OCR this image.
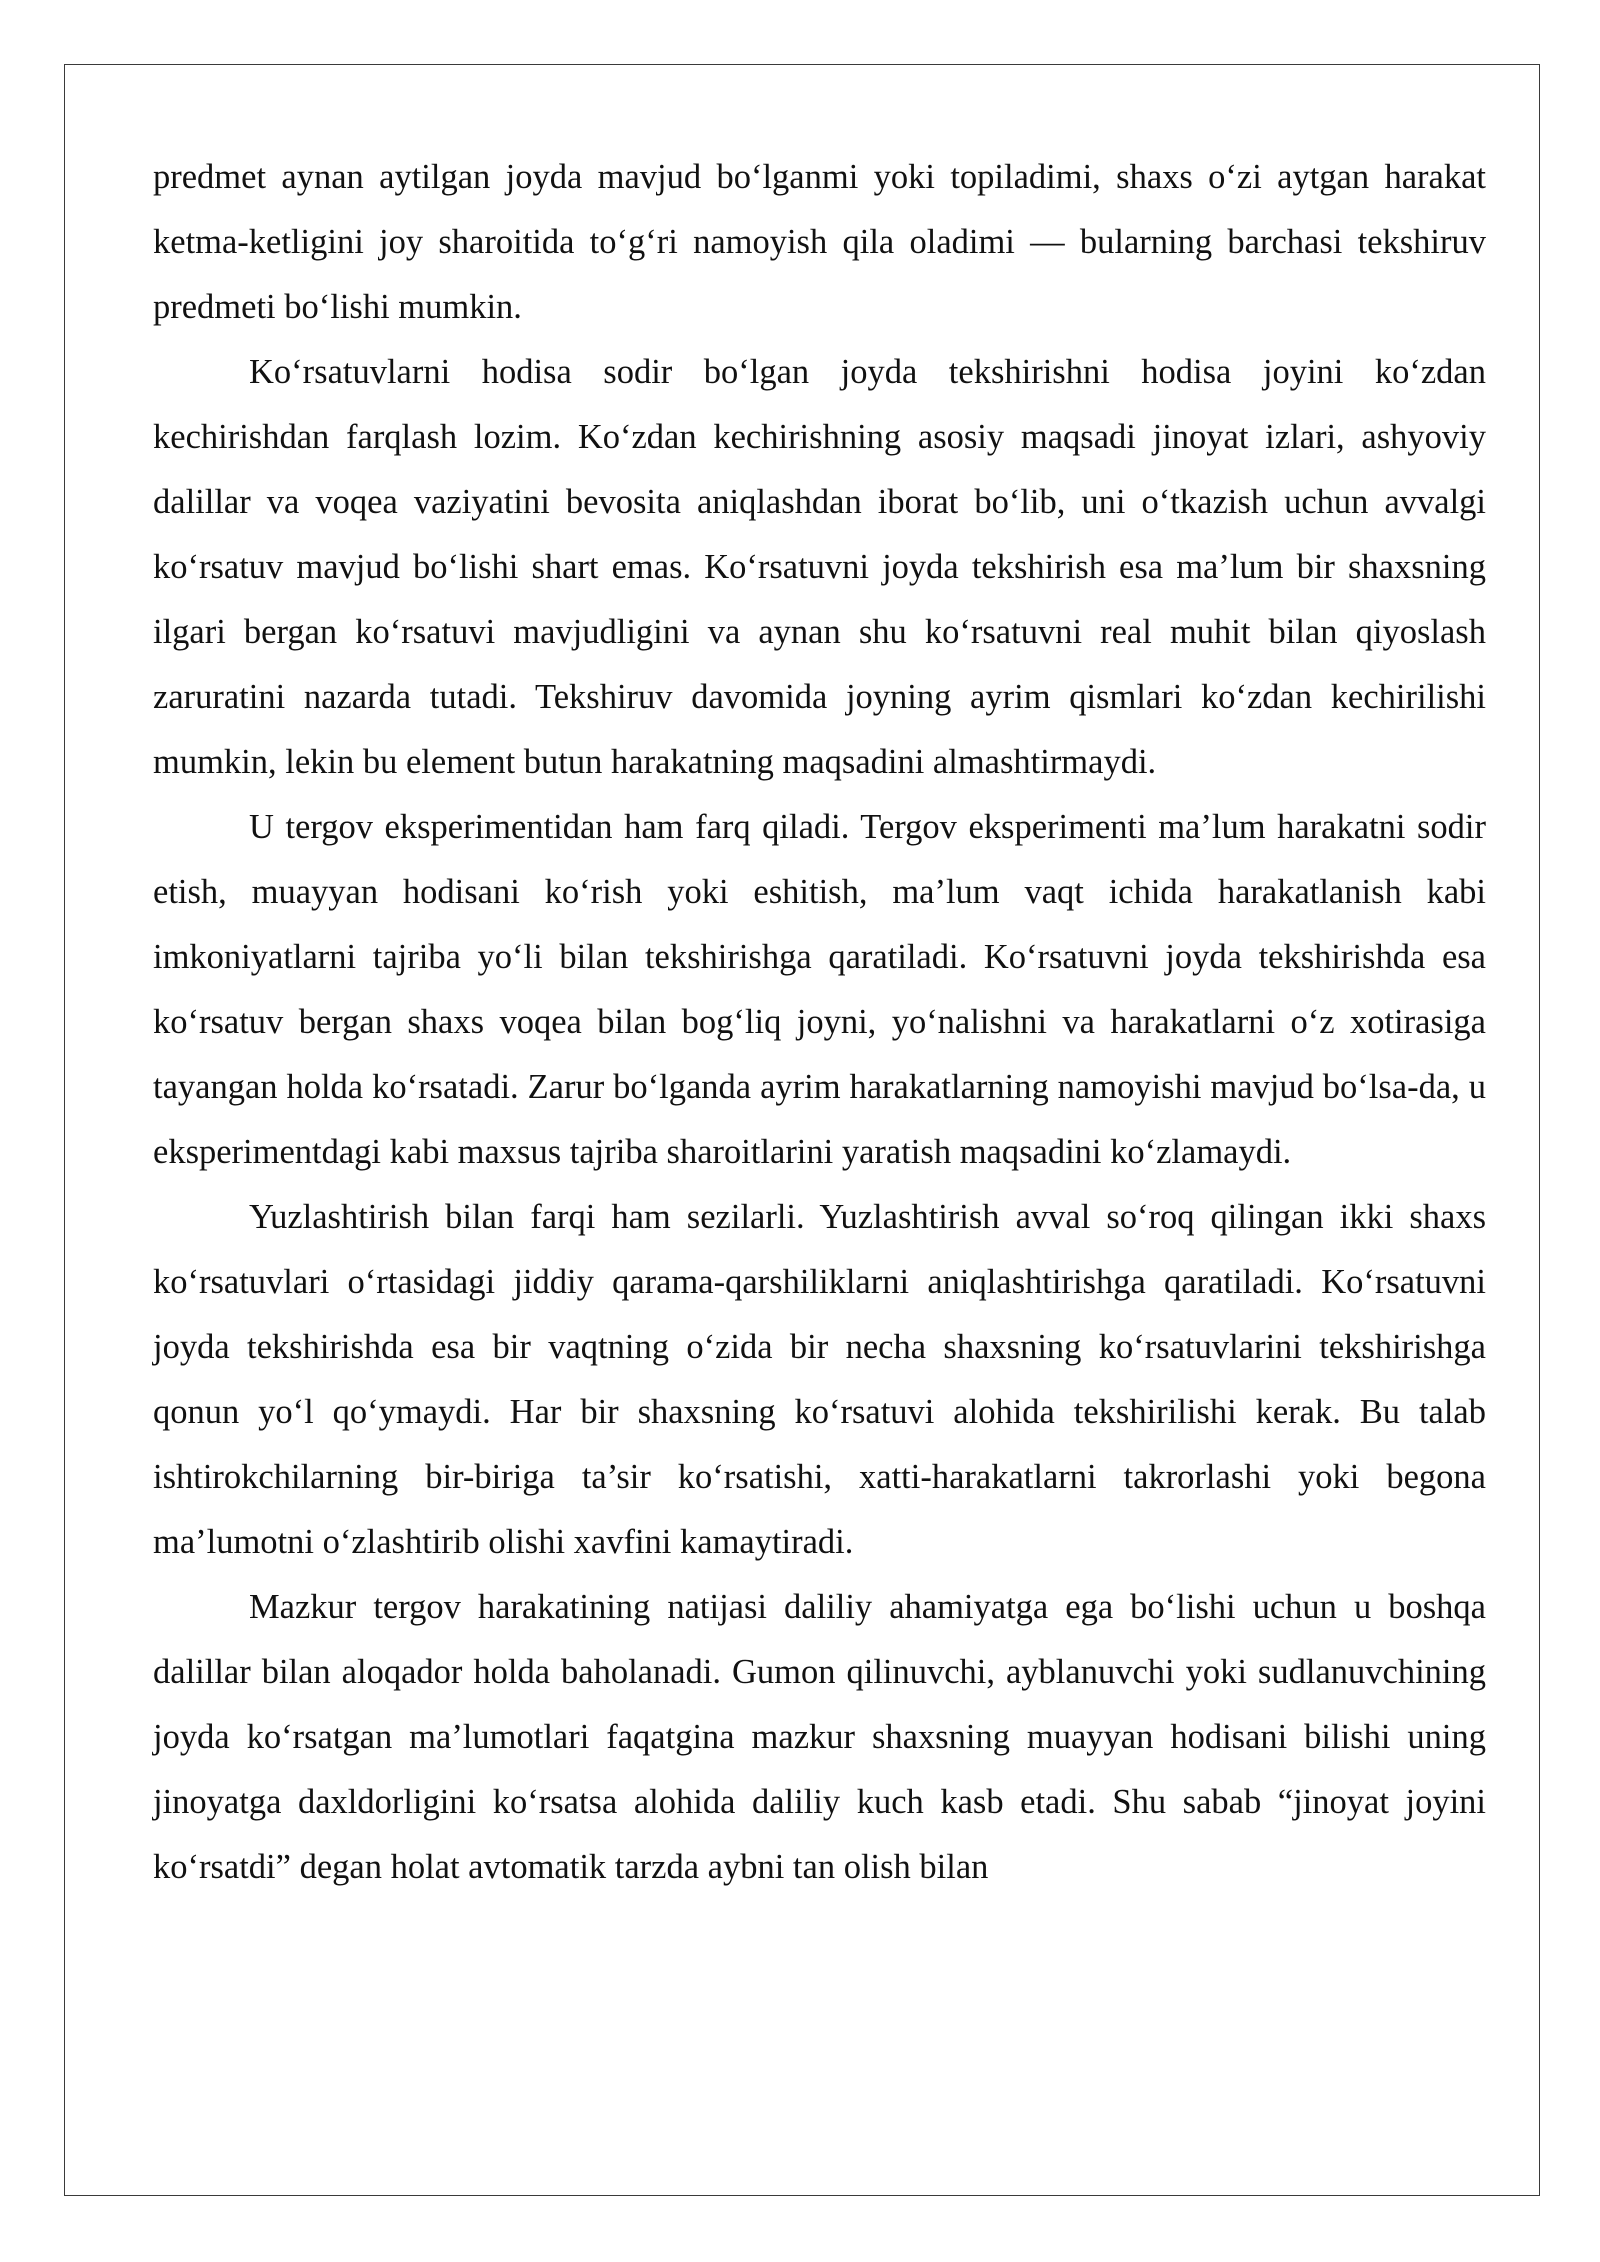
predmet aynan aytilgan joyda mavjud bo‘lganmi yoki topiladimi, shaxs o‘zi aytgan harakat ketma-ketligini joy sharoitida to‘g‘ri namoyish qila oladimi — bularning barchasi tekshiruv predmeti bo‘lishi mumkin.

Ko‘rsatuvlarni hodisa sodir bo‘lgan joyda tekshirishni hodisa joyini ko‘zdan kechirishdan farqlash lozim. Ko‘zdan kechirishning asosiy maqsadi jinoyat izlari, ashyoviy dalillar va voqea vaziyatini bevosita aniqlashdan iborat bo‘lib, uni o‘tkazish uchun avvalgi ko‘rsatuv mavjud bo‘lishi shart emas. Ko‘rsatuvni joyda tekshirish esa ma’lum bir shaxsning ilgari bergan ko‘rsatuvi mavjudligini va aynan shu ko‘rsatuvni real muhit bilan qiyoslash zaruratini nazarda tutadi. Tekshiruv davomida joyning ayrim qismlari ko‘zdan kechirilishi mumkin, lekin bu element butun harakatning maqsadini almashtirmaydi.

U tergov eksperimentidan ham farq qiladi. Tergov eksperimenti ma’lum harakatni sodir etish, muayyan hodisani ko‘rish yoki eshitish, ma’lum vaqt ichida harakatlanish kabi imkoniyatlarni tajriba yo‘li bilan tekshirishga qaratiladi. Ko‘rsatuvni joyda tekshirishda esa ko‘rsatuv bergan shaxs voqea bilan bog‘liq joyni, yo‘nalishni va harakatlarni o‘z xotirasiga tayangan holda ko‘rsatadi. Zarur bo‘lganda ayrim harakatlarning namoyishi mavjud bo‘lsa-da, u eksperimentdagi kabi maxsus tajriba sharoitlarini yaratish maqsadini ko‘zlamaydi.

Yuzlashtirish bilan farqi ham sezilarli. Yuzlashtirish avval so‘roq qilingan ikki shaxs ko‘rsatuvlari o‘rtasidagi jiddiy qarama-qarshiliklarni aniqlashtirishga qaratiladi. Ko‘rsatuvni joyda tekshirishda esa bir vaqtning o‘zida bir necha shaxsning ko‘rsatuvlarini tekshirishga qonun yo‘l qo‘ymaydi. Har bir shaxsning ko‘rsatuvi alohida tekshirilishi kerak. Bu talab ishtirokchilarning bir-biriga ta’sir ko‘rsatishi, xatti-harakatlarni takrorlashi yoki begona ma’lumotni o‘zlashtirib olishi xavfini kamaytiradi.

Mazkur tergov harakatining natijasi daliliy ahamiyatga ega bo‘lishi uchun u boshqa dalillar bilan aloqador holda baholanadi. Gumon qilinuvchi, ayblanuvchi yoki sudlanuvchining joyda ko‘rsatgan ma’lumotlari faqatgina mazkur shaxsning muayyan hodisani bilishi uning jinoyatga daxldorligini ko‘rsatsa alohida daliliy kuch kasb etadi. Shu sabab “jinoyat joyini ko‘rsatdi” degan holat avtomatik tarzda aybni tan olish bilan
